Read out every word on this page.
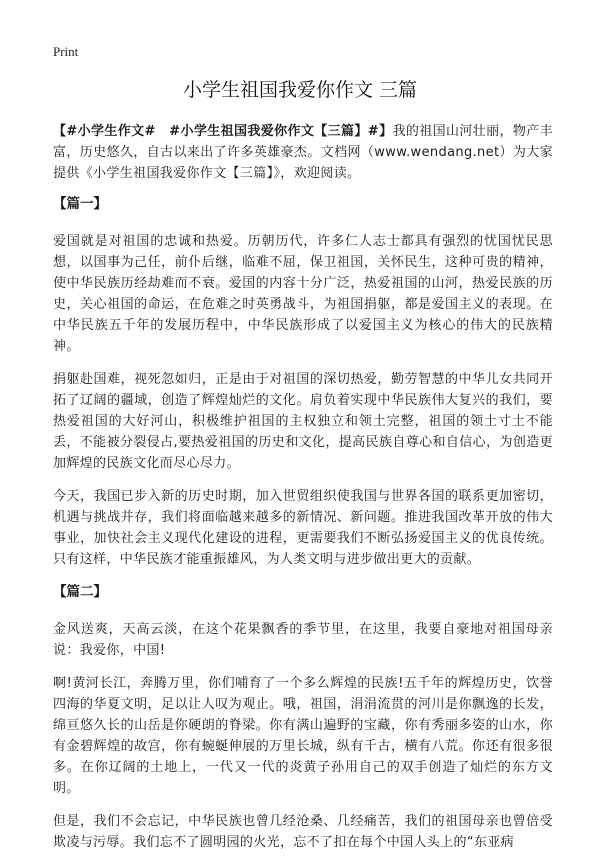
Print
小学生祖国我爱你作文 三篇

【#小学生作文#　#小学生祖国我爱你作文【三篇】#】我的祖国山河壮丽，物产丰富，历史悠久，自古以来出了许多英雄豪杰。文档网（www.wendang.net）为大家提供《小学生祖国我爱你作文【三篇】》，欢迎阅读。

【篇一】

爱国就是对祖国的忠诚和热爱。历朝历代，许多仁人志士都具有强烈的忧国忧民思想，以国事为己任，前仆后继，临难不屈，保卫祖国，关怀民生，这种可贵的精神，使中华民族历经劫难而不衰。爱国的内容十分广泛，热爱祖国的山河，热爱民族的历史，关心祖国的命运，在危难之时英勇战斗，为祖国捐躯，都是爱国主义的表现。在中华民族五千年的发展历程中，中华民族形成了以爱国主义为核心的伟大的民族精神。

捐躯赴国难，视死忽如归，正是由于对祖国的深切热爱，勤劳智慧的中华儿女共同开拓了辽阔的疆域，创造了辉煌灿烂的文化。肩负着实现中华民族伟大复兴的我们，要热爱祖国的大好河山，积极维护祖国的主权独立和领土完整，祖国的领土寸土不能丢，不能被分裂侵占,要热爱祖国的历史和文化，提高民族自尊心和自信心，为创造更加辉煌的民族文化而尽心尽力。

今天，我国已步入新的历史时期，加入世贸组织使我国与世界各国的联系更加密切，机遇与挑战并存，我们将面临越来越多的新情况、新问题。推进我国改革开放的伟大事业，加快社会主义现代化建设的进程，更需要我们不断弘扬爱国主义的优良传统。只有这样，中华民族才能重振雄风，为人类文明与进步做出更大的贡献。

【篇二】

金风送爽，天高云淡，在这个花果飘香的季节里，在这里，我要自豪地对祖国母亲说：我爱你，中国!

啊!黄河长江，奔腾万里，你们哺育了一个多么辉煌的民族!五千年的辉煌历史，饮誉四海的华夏文明，足以让人叹为观止。哦，祖国，涓涓流贯的河川是你飘逸的长发，绵亘悠久长的山岳是你硬朗的脊梁。你有满山遍野的宝藏，你有秀丽多姿的山水，你有金碧辉煌的故宫，你有蜿蜒伸展的万里长城，纵有千古，横有八荒。你还有很多很多。在你辽阔的土地上，一代又一代的炎黄子孙用自己的双手创造了灿烂的东方文明。

但是，我们不会忘记，中华民族也曾几经沧桑、几经痛苦，我们的祖国母亲也曾倍受欺凌与污辱。我们忘不了圆明园的火光，忘不了扣在每个中国人头上的“东亚病
